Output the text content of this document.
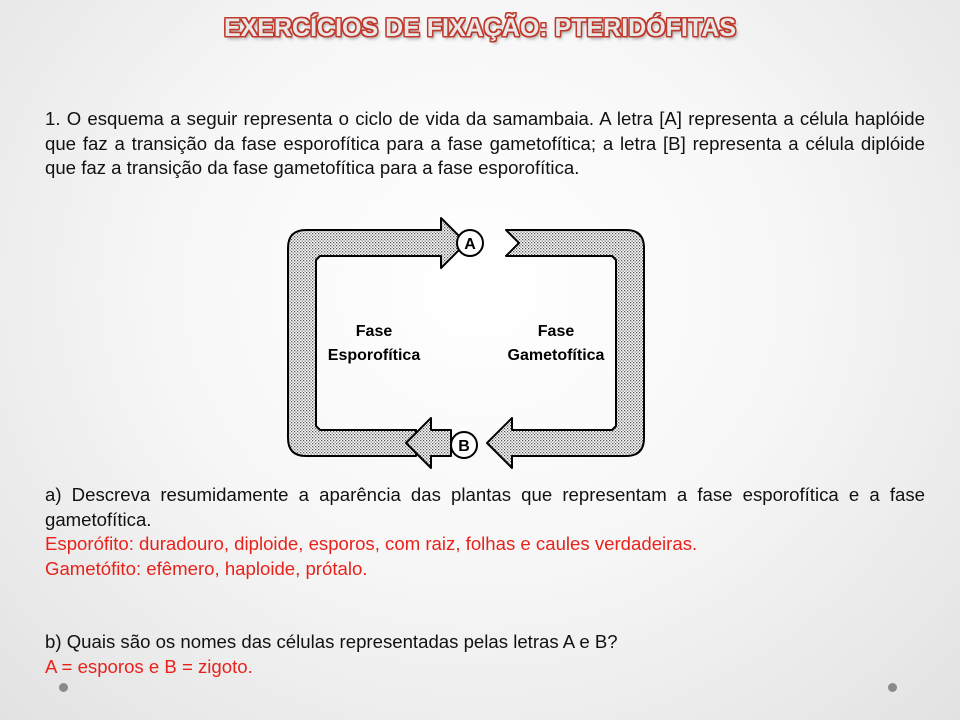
EXERCÍCIOS DE FIXAÇÃO: PTERIDÓFITAS
1. O esquema a seguir representa o ciclo de vida da samambaia. A letra [A] representa a célula haplóide que faz a transição da fase esporofítica para a fase gametofítica; a letra [B] representa a célula diplóide que faz a transição da fase gametofítica para a fase esporofítica.
A
B
Fase
Esporofítica
Fase
Gametofítica
a) Descreva resumidamente a aparência das plantas que representam a fase esporofítica e a fase gametofítica.
Esporófito: duradouro, diploide, esporos, com raiz, folhas e caules verdadeiras.
Gametófito: efêmero, haploide, prótalo.
b) Quais são os nomes das células representadas pelas letras A e B?
A = esporos e B = zigoto.
